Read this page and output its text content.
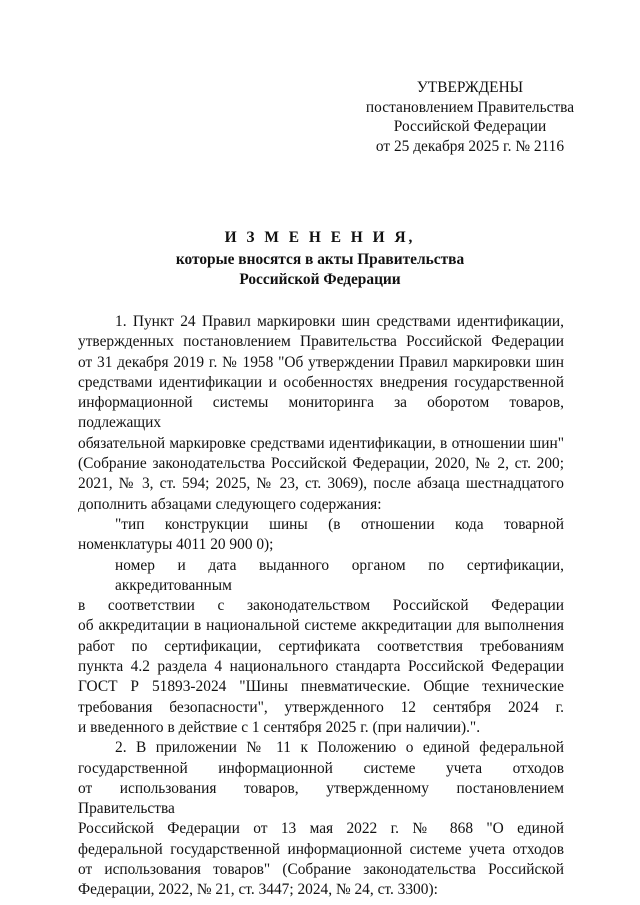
УТВЕРЖДЕНЫ
постановлением Правительства
Российской Федерации
от 25 декабря 2025 г. № 2116
И З М Е Н Е Н И Я,
которые вносятся в акты Правительства
Российской Федерации
1. Пункт 24 Правил маркировки шин средствами идентификации,
утвержденных постановлением Правительства Российской Федерации
от 31 декабря 2019 г. № 1958 "Об утверждении Правил маркировки шин
средствами идентификации и особенностях внедрения государственной
информационной системы мониторинга за оборотом товаров, подлежащих
обязательной маркировке средствами идентификации, в отношении шин"
(Собрание законодательства Российской Федерации, 2020, № 2, ст. 200;
2021, № 3, ст. 594; 2025, № 23, ст. 3069), после абзаца шестнадцатого
дополнить абзацами следующего содержания:
"тип конструкции шины (в отношении кода товарной
номенклатуры 4011 20 900 0);
номер и дата выданного органом по сертификации, аккредитованным
в соответствии с законодательством Российской Федерации
об аккредитации в национальной системе аккредитации для выполнения
работ по сертификации, сертификата соответствия требованиям
пункта 4.2 раздела 4 национального стандарта Российской Федерации
ГОСТ Р 51893-2024 "Шины пневматические. Общие технические
требования безопасности", утвержденного 12 сентября 2024 г.
и введенного в действие с 1 сентября 2025 г. (при наличии).".
2. В приложении № 11 к Положению о единой федеральной
государственной информационной системе учета отходов
от использования товаров, утвержденному постановлением Правительства
Российской Федерации от 13 мая 2022 г. № 868 "О единой
федеральной государственной информационной системе учета отходов
от использования товаров" (Собрание законодательства Российской
Федерации, 2022, № 21, ст. 3447; 2024, № 24, ст. 3300):
